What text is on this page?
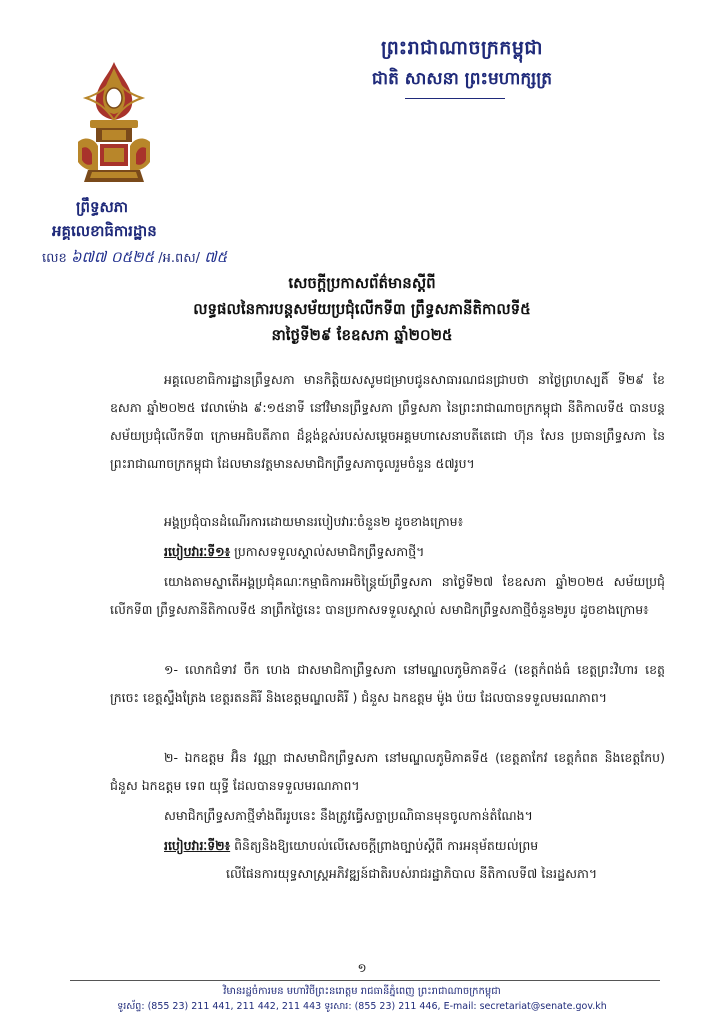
ព្រះរាជាណាចក្រកម្ពុជា
ជាតិ សាសនា ព្រះមហាក្សត្រ
ព្រឹទ្ធសភា
អគ្គលេខាធិការដ្ឋាន
លេខ ៦៧៧ ០៥២៥ /អ.ពស/ ៧៥
សេចក្តីប្រកាសព័ត៌មានស្តីពី
លទ្ធផលនៃការបន្តសម័យប្រជុំលើកទី៣ ព្រឹទ្ធសភានីតិកាលទី៥
នាថ្ងៃទី២៩ ខែឧសភា ឆ្នាំ២០២៥
អគ្គលេខាធិការដ្ឋានព្រឹទ្ធសភា មានកិត្តិយសសូមជម្រាបជូនសាធារណជនជ្រាបថា នាថ្ងៃព្រហស្បតិ៍ ទី២៩ ខែឧសភា ឆ្នាំ២០២៥ វេលាម៉ោង ៩:១៥នាទី នៅវិមានព្រឹទ្ធសភា ព្រឹទ្ធសភា នៃព្រះរាជាណាចក្រកម្ពុជា នីតិកាលទី៥ បានបន្តសម័យប្រជុំលើកទី៣ ក្រោមអធិបតីភាព ដ៏ខ្ពង់ខ្ពស់របស់សម្តេចអគ្គមហាសេនាបតីតេជោ ហ៊ុន សែន ប្រធានព្រឹទ្ធសភា នៃព្រះរាជាណាចក្រកម្ពុជា ដែលមានវត្តមានសមាជិកព្រឹទ្ធសភាចូលរួមចំនួន ៥៧រូប។
អង្គប្រជុំបានដំណើរការដោយមានរបៀបវារៈចំនួន២ ដូចខាងក្រោម៖
របៀបវារៈទី១៖ ប្រកាសទទួលស្គាល់សមាជិកព្រឹទ្ធសភាថ្មី។
យោងតាមស្នាតើអង្គប្រជុំគណៈកម្មាធិការអចិន្ត្រៃយ៍ព្រឹទ្ធសភា នាថ្ងៃទី២៧ ខែឧសភា ឆ្នាំ២០២៥ សម័យប្រជុំលើកទី៣ ព្រឹទ្ធសភានីតិកាលទី៥ នាព្រឹកថ្ងៃនេះ បានប្រកាសទទួលស្គាល់ សមាជិកព្រឹទ្ធសភាថ្មីចំនួន២រូប ដូចខាងក្រោម៖
១- លោកជំទាវ ចឹក ហេង ជាសមាជិកាព្រឹទ្ធសភា នៅមណ្ឌលភូមិភាគទី៤ (ខេត្តកំពង់ធំ ខេត្តព្រះវិហារ ខេត្តក្រចេះ ខេត្តស្ទឹងត្រែង ខេត្តរតនគិរី និងខេត្តមណ្ឌលគិរី ) ជំនួស ឯកឧត្តម ម៉ូង ប៉យ ដែលបានទទួលមរណភាព។
២- ឯកឧត្តម អ៊ិន វណ្ណា ជាសមាជិកព្រឹទ្ធសភា នៅមណ្ឌលភូមិភាគទី៥ (ខេត្តតាកែវ ខេត្តកំពត និងខេត្តកែប) ជំនួស ឯកឧត្តម ទេព យុទ្ធី ដែលបានទទួលមរណភាព។
សមាជិកព្រឹទ្ធសភាថ្មីទាំងពីររូបនេះ នឹងត្រូវធ្វើសច្ចាប្រណិធានមុនចូលកាន់តំណែង។
របៀបវារៈទី២៖ ពិនិត្យនិងឱ្យយោបល់លើសេចក្តីព្រាងច្បាប់ស្តីពី ការអនុម័តយល់ព្រម
លើផែនការយុទ្ធសាស្ត្រអភិវឌ្ឍន៍ជាតិរបស់រាជរដ្ឋាភិបាល នីតិកាលទី៧ នៃរដ្ឋសភា។
១
វិមានរដ្ឋចំការមន មហាវិថីព្រះនរោត្តម រាជធានីភ្នំពេញ ព្រះរាជាណាចក្រកម្ពុជា
ទូរស័ព្ទ: (855 23) 211 441, 211 442, 211 443 ទូរសារ: (855 23) 211 446, E-mail: secretariat@senate.gov.kh
